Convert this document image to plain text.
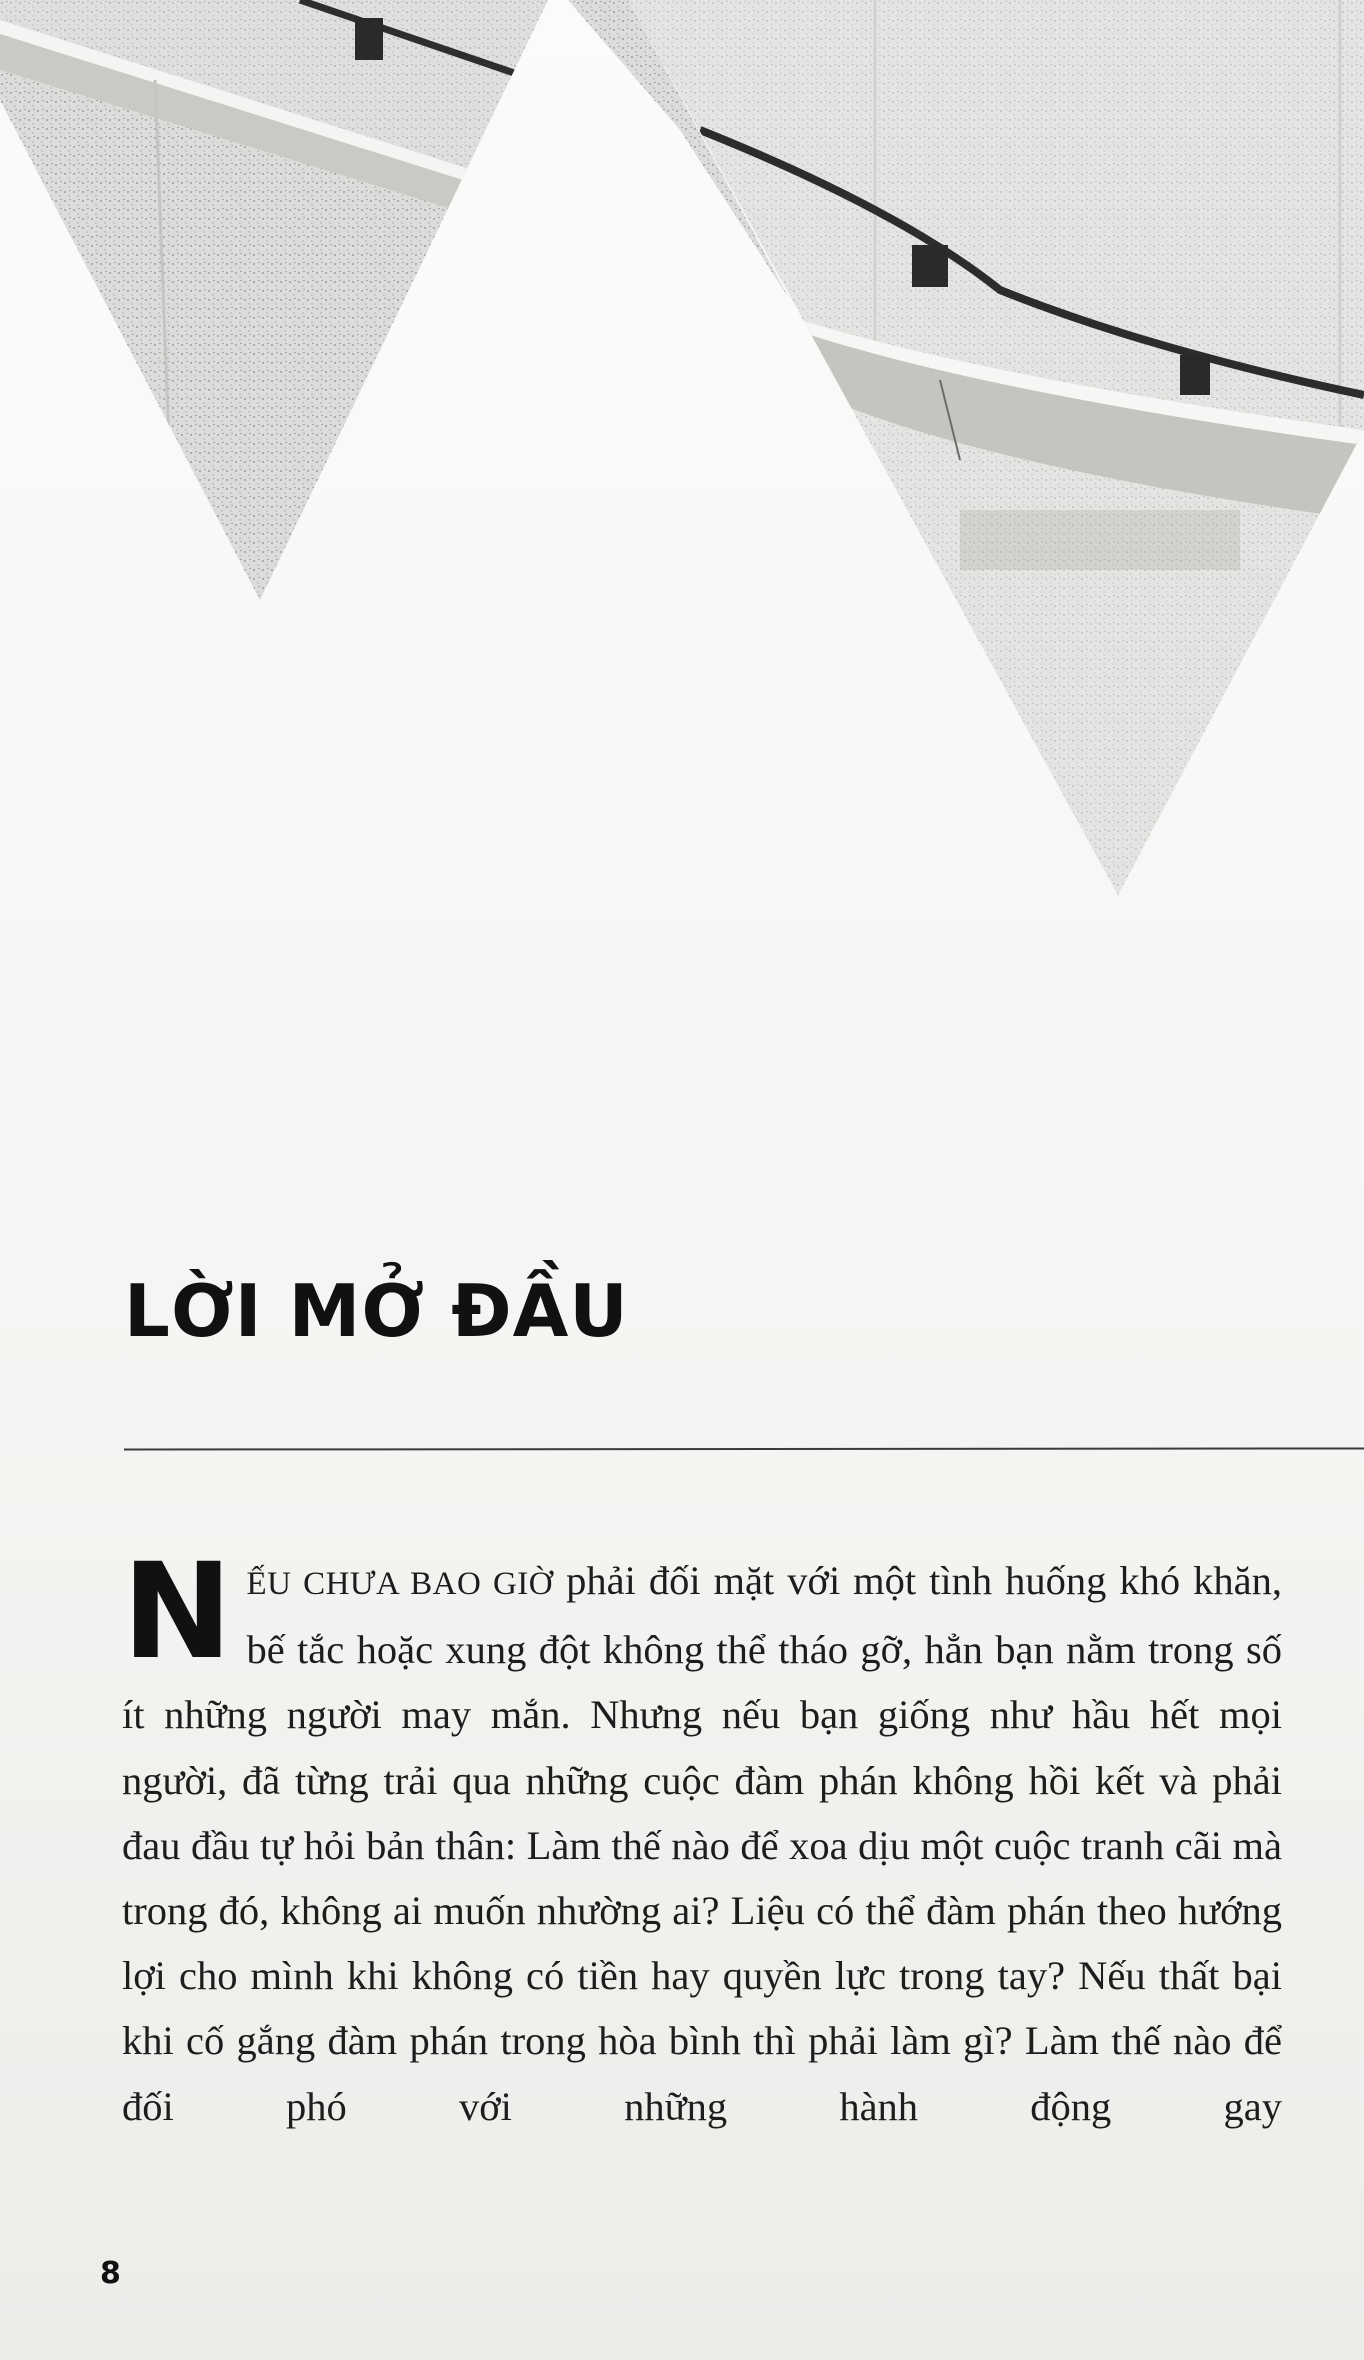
LỜI MỞ ĐẦU

NẾU CHƯA BAO GIỜ phải đối mặt với một tình huống khó khăn, bế tắc hoặc xung đột không thể tháo gỡ, hẳn bạn nằm trong số ít những người may mắn. Nhưng nếu bạn giống như hầu hết mọi người, đã từng trải qua những cuộc đàm phán không hồi kết và phải đau đầu tự hỏi bản thân: Làm thế nào để xoa dịu một cuộc tranh cãi mà trong đó, không ai muốn nhường ai? Liệu có thể đàm phán theo hướng lợi cho mình khi không có tiền hay quyền lực trong tay? Nếu thất bại khi cố gắng đàm phán trong hòa bình thì phải làm gì? Làm thế nào để đối phó với những hành động gay

8
